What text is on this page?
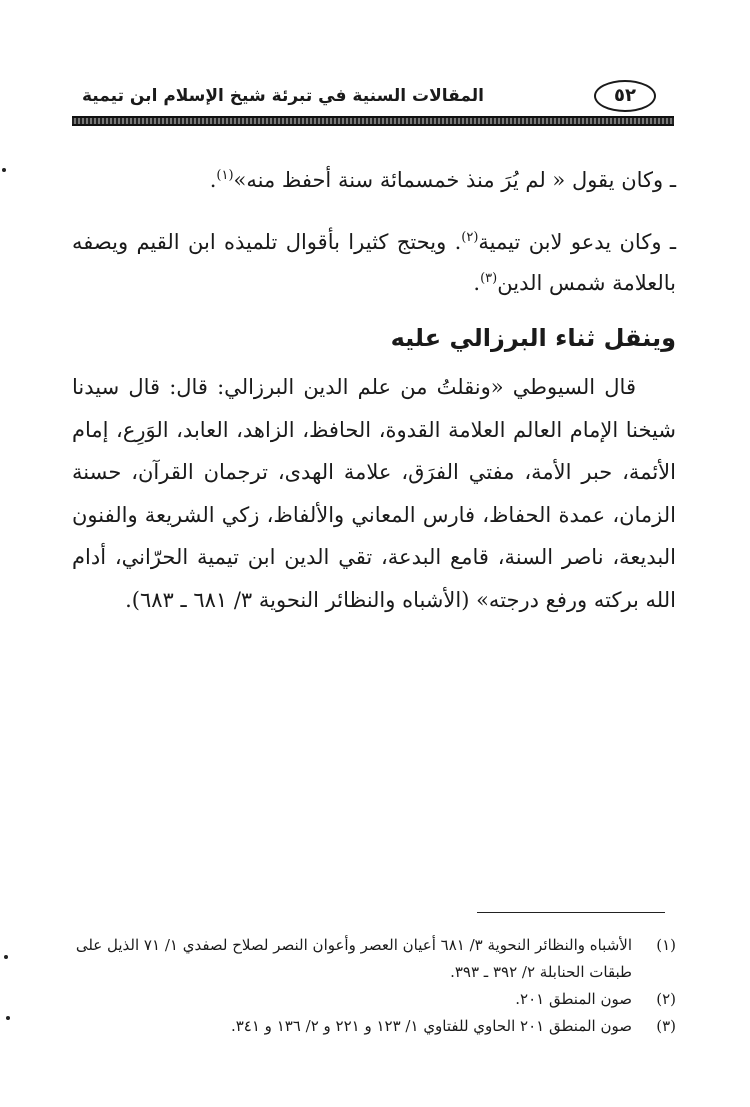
المقالات السنية في تبرئة شيخ الإسلام ابن تيمية	٥٢

ـ وكان يقول « لم يُرَ منذ خمسمائة سنة أحفظ منه»$^{(١)}$.

ـ وكان يدعو لابن تيمية$^{(٢)}$. ويحتج كثيرا بأقوال تلميذه ابن القيم ويصفه بالعلامة شمس الدين$^{(٣)}$.

وينقل ثناء البرزالي عليه

قال السيوطي «ونقلتُ من علم الدين البرزالي: قال: قال سيدنا شيخنا الإمام العالم العلامة القدوة، الحافظ، الزاهد، العابد، الوَرِع، إمام الأئمة، حبر الأمة، مفتي الفرَق، علامة الهدى، ترجمان القرآن، حسنة الزمان، عمدة الحفاظ، فارس المعاني والألفاظ، زكي الشريعة والفنون البديعة، ناصر السنة، قامع البدعة، تقي الدين ابن تيمية الحرّاني، أدام الله بركته ورفع درجته» (الأشباه والنظائر النحوية ٣/ ٦٨١ ـ ٦٨٣).

(١)
الأشباه والنظائر النحوية ٣/ ٦٨١ أعيان العصر وأعوان النصر لصلاح لصفدي ١/ ٧١ الذيل على طبقات الحنابلة ٢/ ٣٩٢ ـ ٣٩٣.
(٢)
صون المنطق ٢٠١.
(٣)
صون المنطق ٢٠١ الحاوي للفتاوي ١/ ١٢٣ و ٢٢١ و ٢/ ١٣٦ و ٣٤١.
